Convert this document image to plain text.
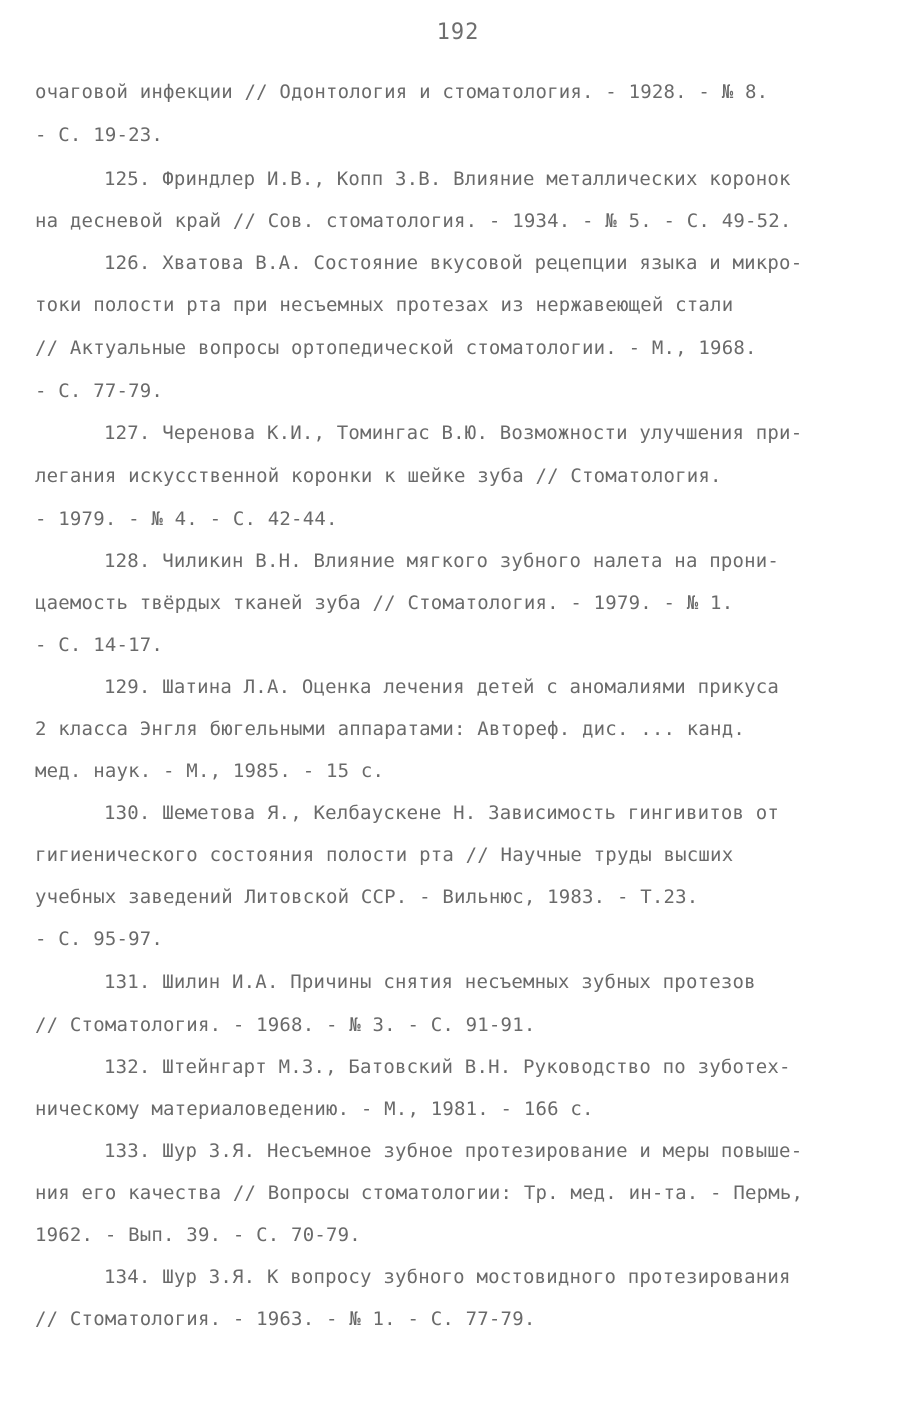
192
очаговой инфекции // Одонтология и стоматология. - 1928. - № 8.
- С. 19-23.
125. Фриндлер И.В., Копп З.В. Влияние металлических коронок
на десневой край // Сов. стоматология. - 1934. - № 5. - С. 49-52.
126. Хватова В.А. Состояние вкусовой рецепции языка и микро-
токи полости рта при несъемных протезах из нержавеющей стали
// Актуальные вопросы ортопедической стоматологии. - М., 1968.
- С. 77-79.
127. Черенова К.И., Томингас В.Ю. Возможности улучшения при-
легания искусственной коронки к шейке зуба // Стоматология.
- 1979. - № 4. - С. 42-44.
128. Чиликин В.Н. Влияние мягкого зубного налета на прони-
цаемость твёрдых тканей зуба // Стоматология. - 1979. - № 1.
- С. 14-17.
129. Шатина Л.А. Оценка лечения детей с аномалиями прикуса
2 класса Энгля бюгельными аппаратами: Автореф. дис. ... канд.
мед. наук. - М., 1985. - 15 с.
130. Шеметова Я., Келбаускене Н. Зависимость гингивитов от
гигиенического состояния полости рта // Научные труды высших
учебных заведений Литовской ССР. - Вильнюс, 1983. - Т.23.
- С. 95-97.
131. Шилин И.А. Причины снятия несъемных зубных протезов
// Стоматология. - 1968. - № 3. - С. 91-91.
132. Штейнгарт М.З., Батовский В.Н. Руководство по зуботех-
ническому материаловедению. - М., 1981. - 166 с.
133. Шур З.Я. Несъемное зубное протезирование и меры повыше-
ния его качества // Вопросы стоматологии: Тр. мед. ин-та. - Пермь,
1962. - Вып. 39. - С. 70-79.
134. Шур З.Я. К вопросу зубного мостовидного протезирования
// Стоматология. - 1963. - № 1. - С. 77-79.
